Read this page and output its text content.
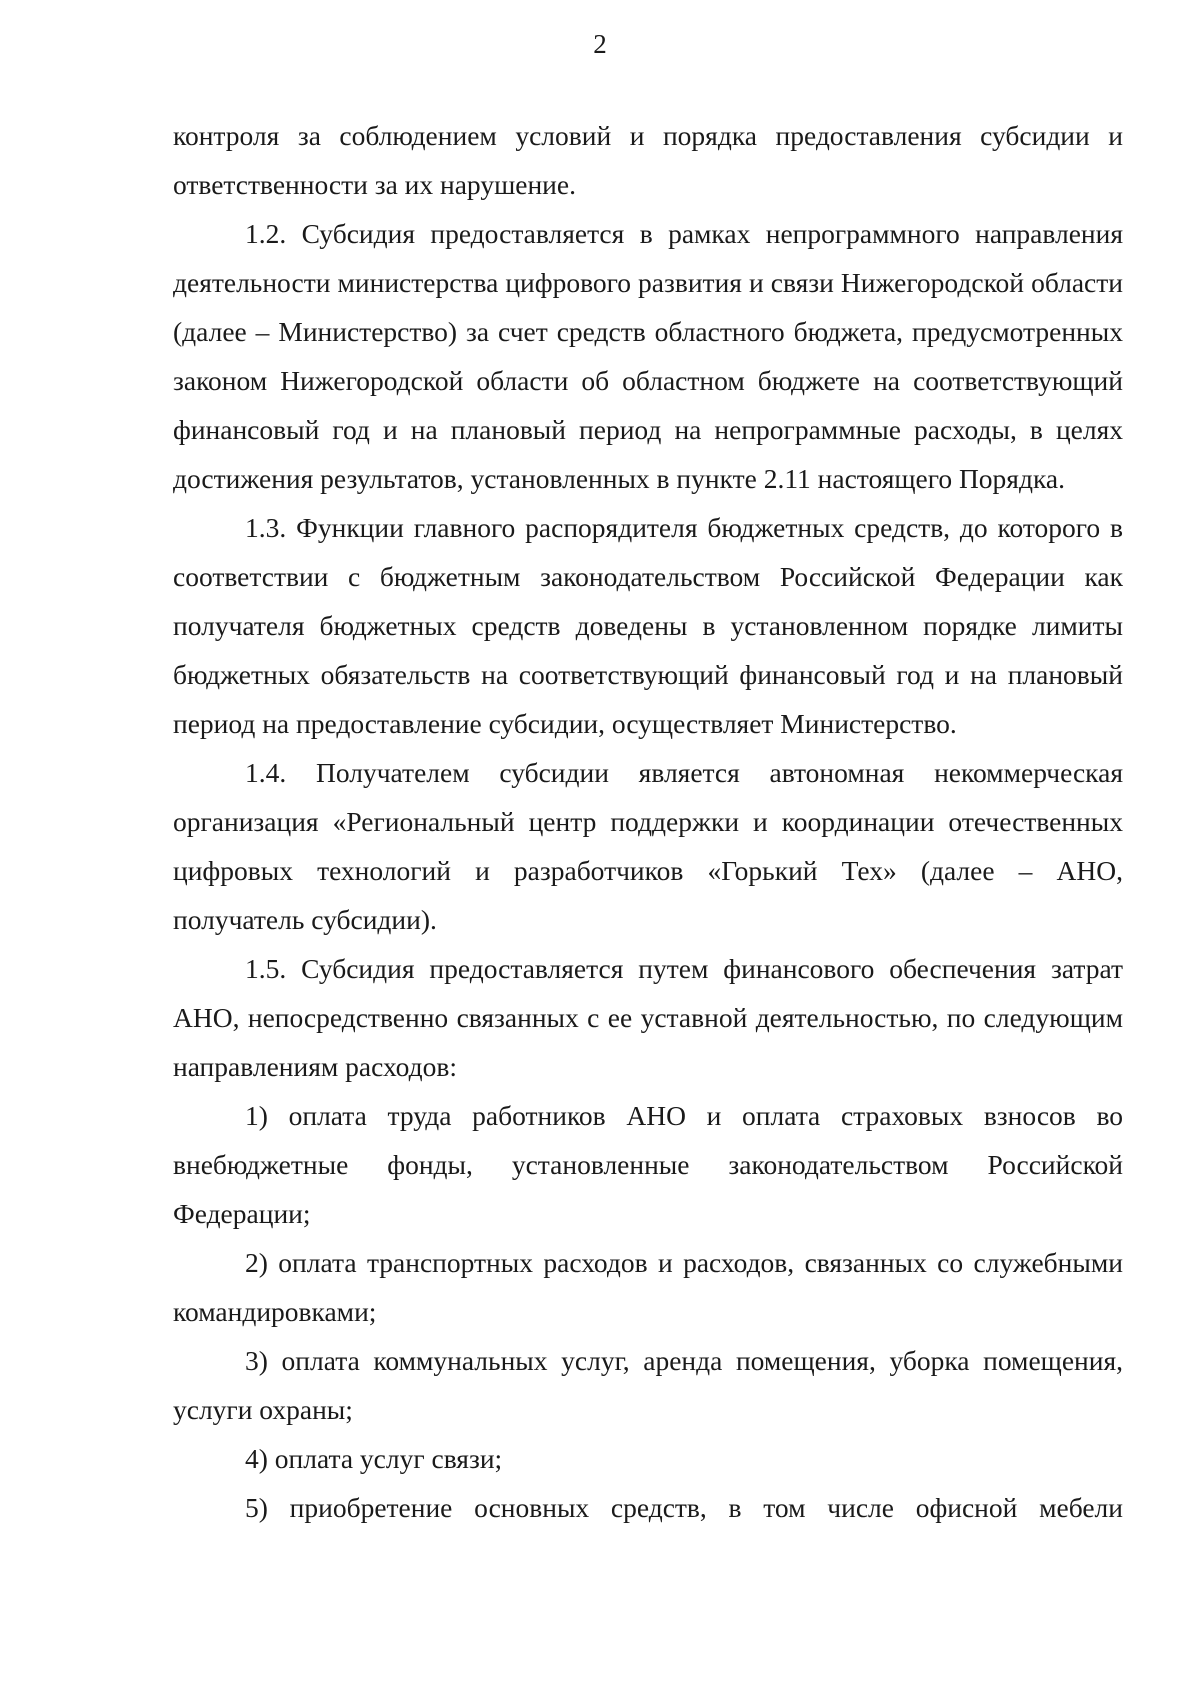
2

контроля за соблюдением условий и порядка предоставления субсидии и ответственности за их нарушение.

1.2. Субсидия предоставляется в рамках непрограммного направления деятельности министерства цифрового развития и связи Нижегородской области (далее – Министерство) за счет средств областного бюджета, предусмотренных законом Нижегородской области об областном бюджете на соответствующий финансовый год и на плановый период на непрограммные расходы, в целях достижения результатов, установленных в пункте 2.11 настоящего Порядка.

1.3. Функции главного распорядителя бюджетных средств, до которого в соответствии с бюджетным законодательством Российской Федерации как получателя бюджетных средств доведены в установленном порядке лимиты бюджетных обязательств на соответствующий финансовый год и на плановый период на предоставление субсидии, осуществляет Министерство.

1.4. Получателем субсидии является автономная некоммерческая организация «Региональный центр поддержки и координации отечественных цифровых технологий и разработчиков «Горький Тех» (далее – АНО, получатель субсидии).

1.5. Субсидия предоставляется путем финансового обеспечения затрат АНО, непосредственно связанных с ее уставной деятельностью, по следующим направлениям расходов:

1) оплата труда работников АНО и оплата страховых взносов во внебюджетные фонды, установленные законодательством Российской Федерации;

2) оплата транспортных расходов и расходов, связанных со служебными командировками;

3) оплата коммунальных услуг, аренда помещения, уборка помещения, услуги охраны;

4) оплата услуг связи;

5) приобретение основных средств, в том числе офисной мебели
